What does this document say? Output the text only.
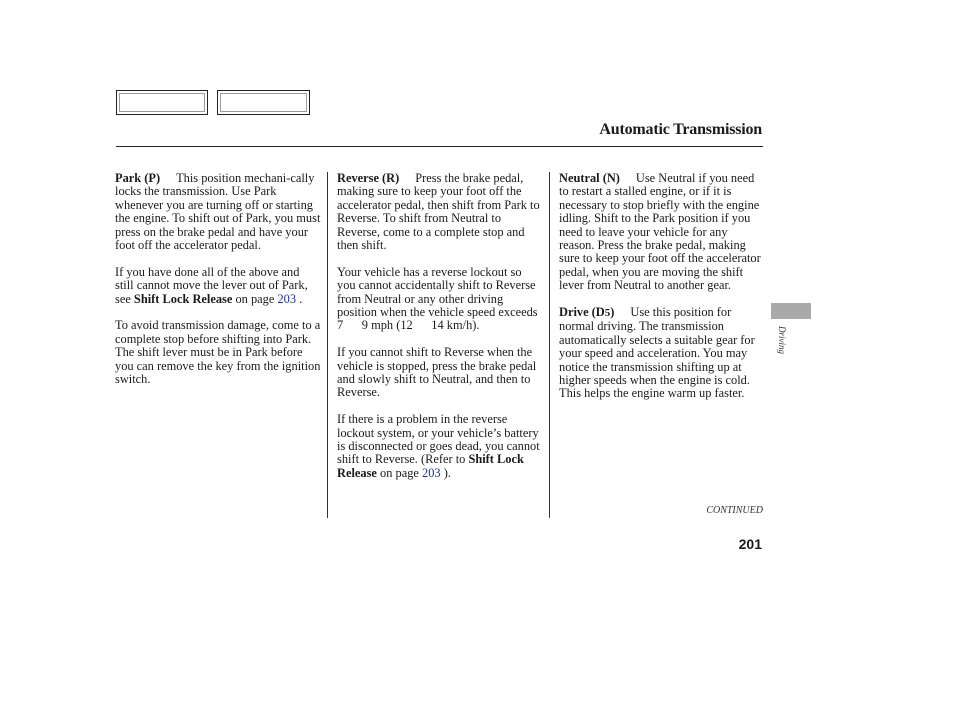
Automatic Transmission

Park (P) This position mechani-cally locks the transmission. Use Park whenever you are turning off or starting the engine. To shift out of Park, you must press on the brake pedal and have your foot off the accelerator pedal.

If you have done all of the above and still cannot move the lever out of Park, see Shift Lock Release on page 203 .

To avoid transmission damage, come to a complete stop before shifting into Park. The shift lever must be in Park before you can remove the key from the ignition switch.

Reverse (R) Press the brake pedal, making sure to keep your foot off the accelerator pedal, then shift from Park to Reverse. To shift from Neutral to Reverse, come to a complete stop and then shift.

Your vehicle has a reverse lockout so you cannot accidentally shift to Reverse from Neutral or any other driving position when the vehicle speed exceeds 7      9 mph (12      14 km/h).

If you cannot shift to Reverse when the vehicle is stopped, press the brake pedal and slowly shift to Neutral, and then to Reverse.

If there is a problem in the reverse lockout system, or your vehicle’s battery is disconnected or goes dead, you cannot shift to Reverse. (Refer to Shift Lock Release on page 203 ).

Neutral (N) Use Neutral if you need to restart a stalled engine, or if it is necessary to stop briefly with the engine idling. Shift to the Park position if you need to leave your vehicle for any reason. Press the brake pedal, making sure to keep your foot off the accelerator pedal, when you are moving the shift lever from Neutral to another gear.

Drive (D5) Use this position for normal driving. The transmission automatically selects a suitable gear for your speed and acceleration. You may notice the transmission shifting up at higher speeds when the engine is cold. This helps the engine warm up faster.

Driving
CONTINUED
201
